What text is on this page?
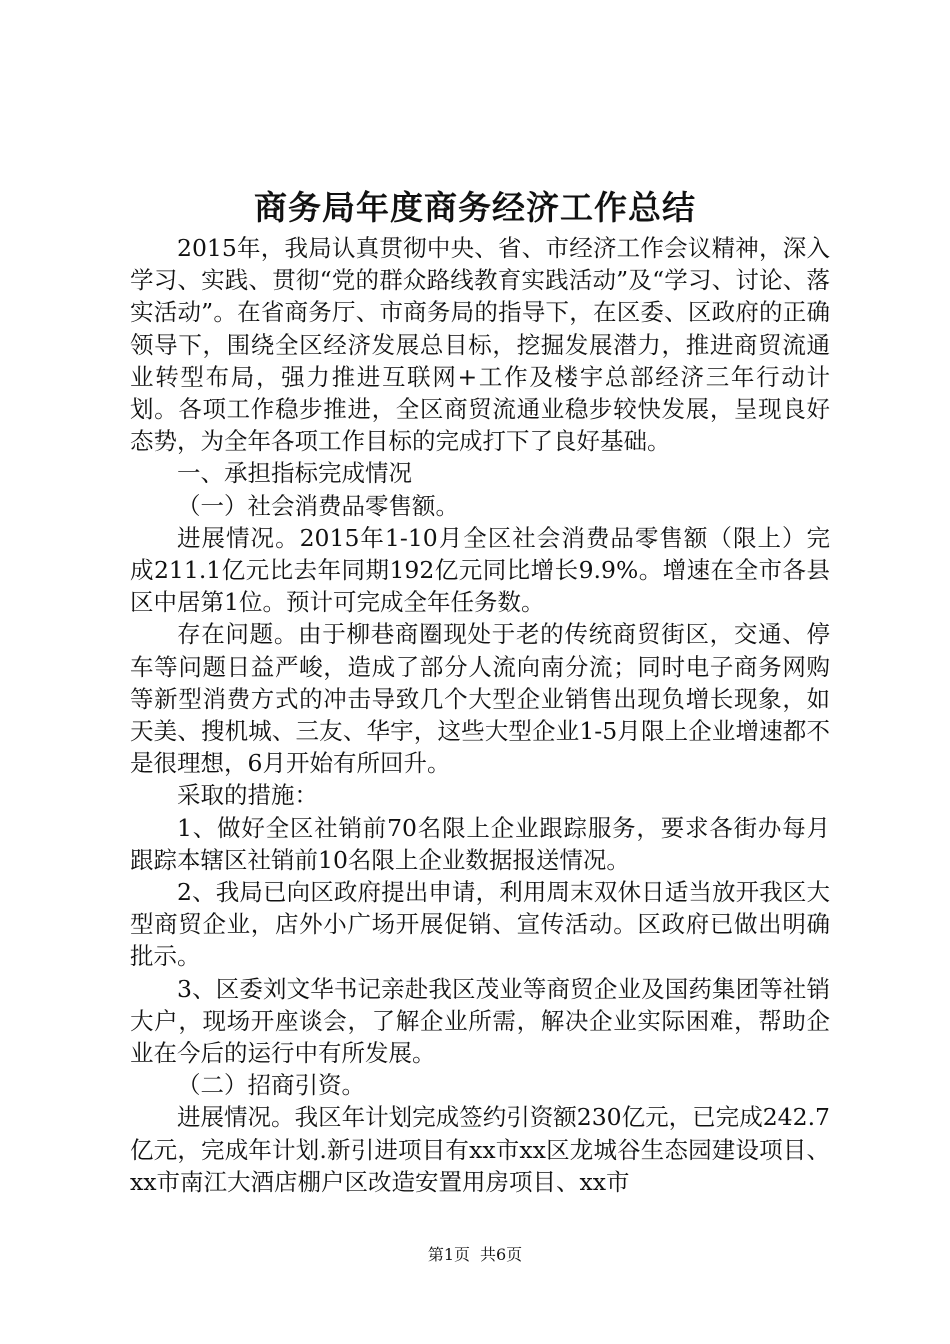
商务局年度商务经济工作总结

2015年，我局认真贯彻中央、省、市经济工作会议精神，深入学习、实践、贯彻“党的群众路线教育实践活动”及“学习、讨论、落实活动”。在省商务厅、市商务局的指导下，在区委、区政府的正确领导下，围绕全区经济发展总目标，挖掘发展潜力，推进商贸流通业转型布局，强力推进互联网+工作及楼宇总部经济三年行动计划。各项工作稳步推进，全区商贸流通业稳步较快发展，呈现良好态势，为全年各项工作目标的完成打下了良好基础。

一、承担指标完成情况

（一）社会消费品零售额。

进展情况。2015年1-10月全区社会消费品零售额（限上）完成211.1亿元比去年同期192亿元同比增长9.9%。增速在全市各县区中居第1位。预计可完成全年任务数。

存在问题。由于柳巷商圈现处于老的传统商贸街区，交通、停车等问题日益严峻，造成了部分人流向南分流；同时电子商务网购等新型消费方式的冲击导致几个大型企业销售出现负增长现象，如天美、搜机城、三友、华宇，这些大型企业1-5月限上企业增速都不是很理想，6月开始有所回升。

采取的措施：

1、做好全区社销前70名限上企业跟踪服务，要求各街办每月跟踪本辖区社销前10名限上企业数据报送情况。

2、我局已向区政府提出申请，利用周末双休日适当放开我区大型商贸企业，店外小广场开展促销、宣传活动。区政府已做出明确批示。

3、区委刘文华书记亲赴我区茂业等商贸企业及国药集团等社销大户，现场开座谈会，了解企业所需，解决企业实际困难，帮助企业在今后的运行中有所发展。

（二）招商引资。

进展情况。我区年计划完成签约引资额230亿元，已完成242.7亿元，完成年计划.新引进项目有xx市xx区龙城谷生态园建设项目、xx市南江大酒店棚户区改造安置用房项目、xx市

第1页 共6页
